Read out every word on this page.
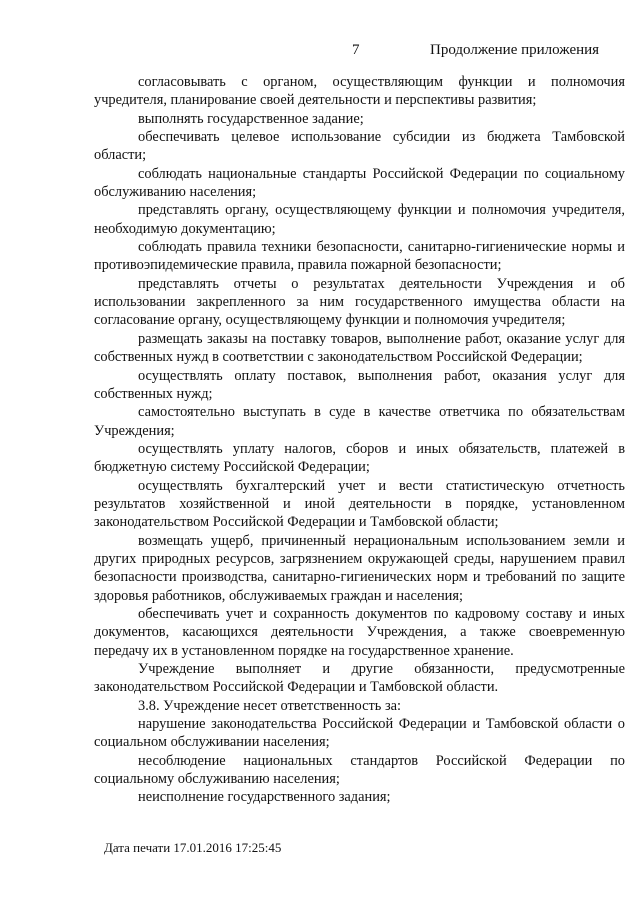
7	Продолжение приложения

согласовывать с органом, осуществляющим функции и полномочия учредителя, планирование своей деятельности и перспективы развития;

выполнять государственное задание;

обеспечивать целевое использование субсидии из бюджета Тамбовской области;

соблюдать национальные стандарты Российской Федерации по социальному обслуживанию населения;

представлять органу, осуществляющему функции и полномочия учредителя, необходимую документацию;

соблюдать правила техники безопасности, санитарно-гигиенические нормы и противоэпидемические правила, правила пожарной безопасности;

представлять отчеты о результатах деятельности Учреждения и об использовании закрепленного за ним государственного имущества области на согласование органу, осуществляющему функции и полномочия учредителя;

размещать заказы на поставку товаров, выполнение работ, оказание услуг для собственных нужд в соответствии с законодательством Российской Федерации;

осуществлять оплату поставок, выполнения работ, оказания услуг для собственных нужд;

самостоятельно выступать в суде в качестве ответчика по обязательствам Учреждения;

осуществлять уплату налогов, сборов и иных обязательств, платежей в бюджетную систему Российской Федерации;

осуществлять бухгалтерский учет и вести статистическую отчетность результатов хозяйственной и иной деятельности в порядке, установленном законодательством Российской Федерации и Тамбовской области;

возмещать ущерб, причиненный нерациональным использованием земли и других природных ресурсов, загрязнением окружающей среды, нарушением правил безопасности производства, санитарно-гигиенических норм и требований по защите здоровья работников, обслуживаемых граждан и населения;

обеспечивать учет и сохранность документов по кадровому составу и иных документов, касающихся деятельности Учреждения, а также своевременную передачу их в установленном порядке на государственное хранение.

Учреждение выполняет и другие обязанности, предусмотренные законодательством Российской Федерации и Тамбовской области.

3.8. Учреждение несет ответственность за:

нарушение законодательства Российской Федерации и Тамбовской области о социальном обслуживании населения;

несоблюдение национальных стандартов Российской Федерации по социальному обслуживанию населения;

неисполнение государственного задания;

Дата печати 17.01.2016 17:25:45
